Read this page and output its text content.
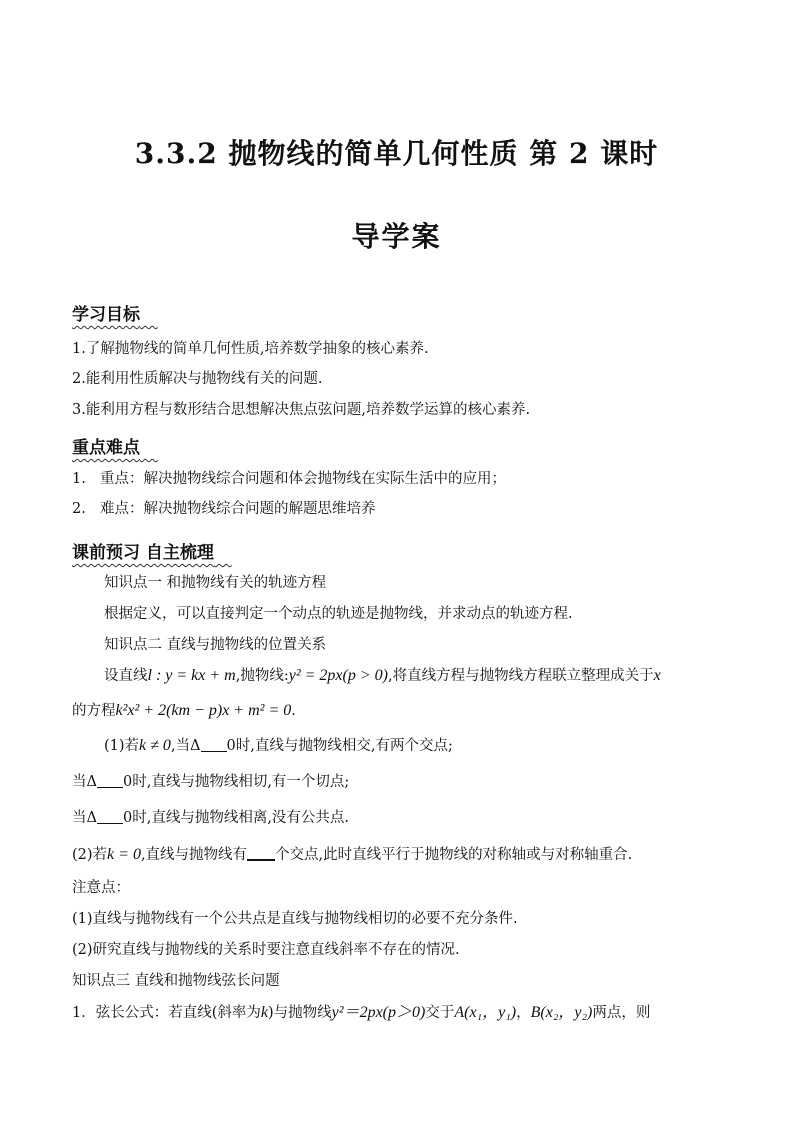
3.3.2 抛物线的简单几何性质 第 2 课时
导学案
学习目标
1.了解抛物线的简单几何性质,培养数学抽象的核心素养.
2.能利用性质解决与抛物线有关的问题.
3.能利用方程与数形结合思想解决焦点弦问题,培养数学运算的核心素养.
重点难点
1. 重点：解决抛物线综合问题和体会抛物线在实际生活中的应用；
2. 难点：解决抛物线综合问题的解题思维培养
课前预习 自主梳理
知识点一 和抛物线有关的轨迹方程
根据定义，可以直接判定一个动点的轨迹是抛物线，并求动点的轨迹方程.
知识点二 直线与抛物线的位置关系
设直线l : y = kx + m,抛物线:y² = 2px(p > 0),将直线方程与抛物线方程联立整理成关于x
的方程k²x² + 2(km − p)x + m² = 0.
(1)若k ≠ 0,当Δ 0时,直线与抛物线相交,有两个交点;
当Δ 0时,直线与抛物线相切,有一个切点;
当Δ 0时,直线与抛物线相离,没有公共点.
(2)若k = 0,直线与抛物线有 个交点,此时直线平行于抛物线的对称轴或与对称轴重合.
注意点：
(1)直线与抛物线有一个公共点是直线与抛物线相切的必要不充分条件.
(2)研究直线与抛物线的关系时要注意直线斜率不存在的情况.
知识点三 直线和抛物线弦长问题
1．弦长公式：若直线(斜率为k)与抛物线y²＝2px(p＞0)交于A(x₁，y₁)，B(x₂，y₂)两点，则
